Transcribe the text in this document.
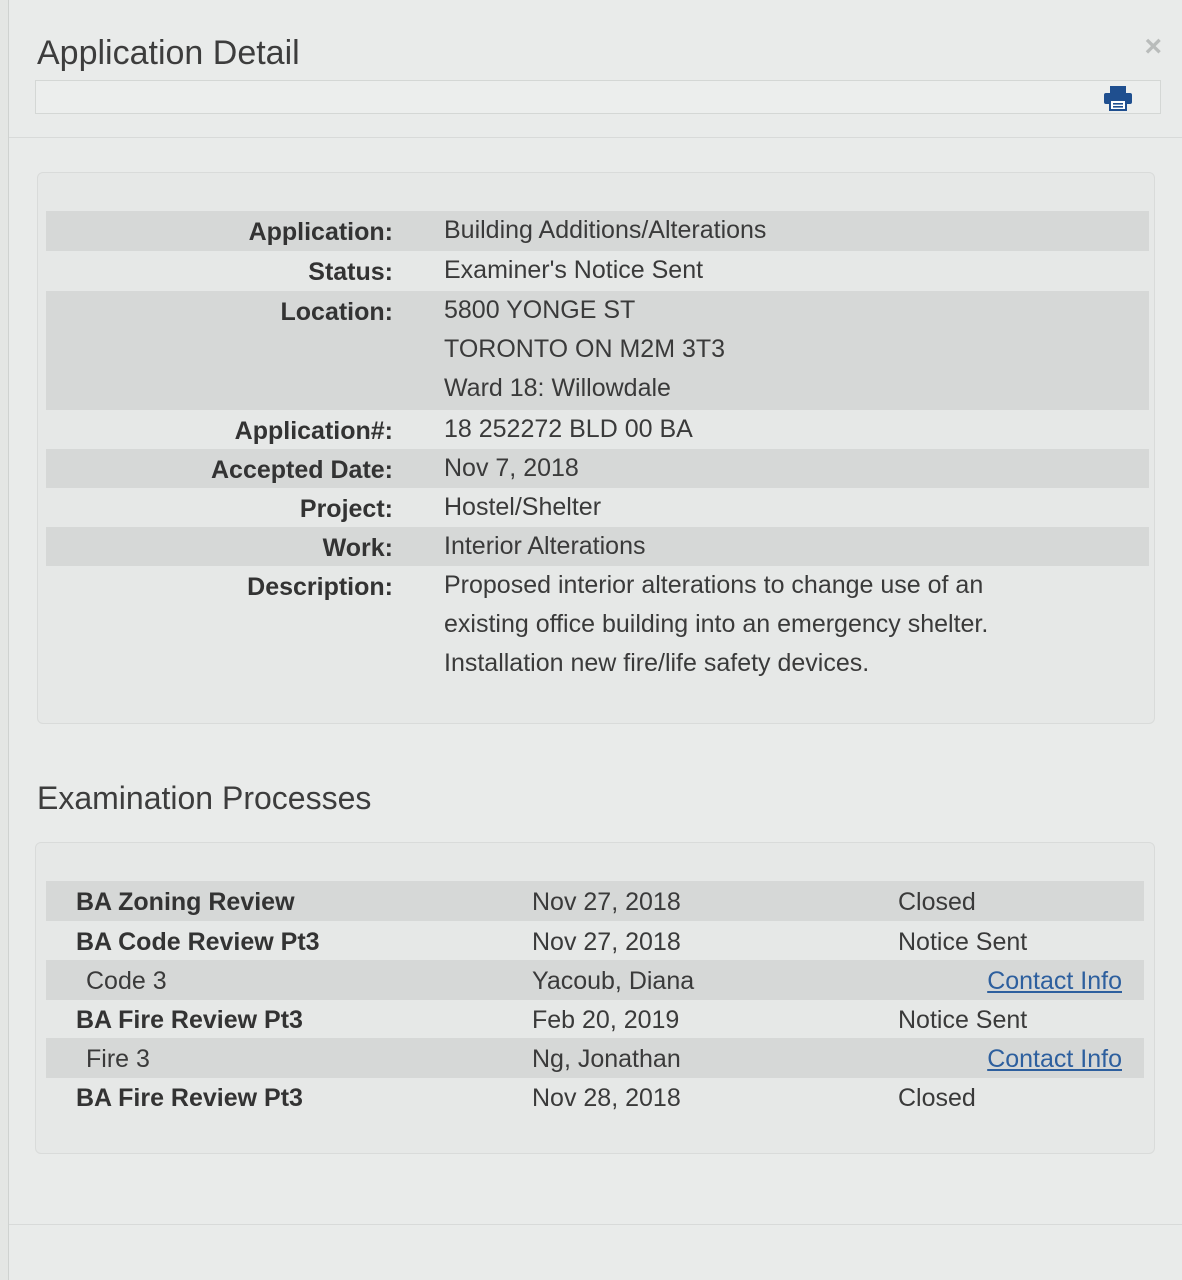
Application Detail	×
Application: Building Additions/Alterations
Status: Examiner's Notice Sent
Location: 5800 YONGE ST
TORONTO ON M2M 3T3
Ward 18: Willowdale
Application#: 18 252272 BLD 00 BA
Accepted Date: Nov 7, 2018
Project: Hostel/Shelter
Work: Interior Alterations
Description: Proposed interior alterations to change use of an
existing office building into an emergency shelter.
Installation new fire/life safety devices.
Examination Processes
BA Zoning Review	Nov 27, 2018	Closed
BA Code Review Pt3	Nov 27, 2018	Notice Sent
Code 3	Yacoub, Diana	Contact Info
BA Fire Review Pt3	Feb 20, 2019	Notice Sent
Fire 3	Ng, Jonathan	Contact Info
BA Fire Review Pt3	Nov 28, 2018	Closed
